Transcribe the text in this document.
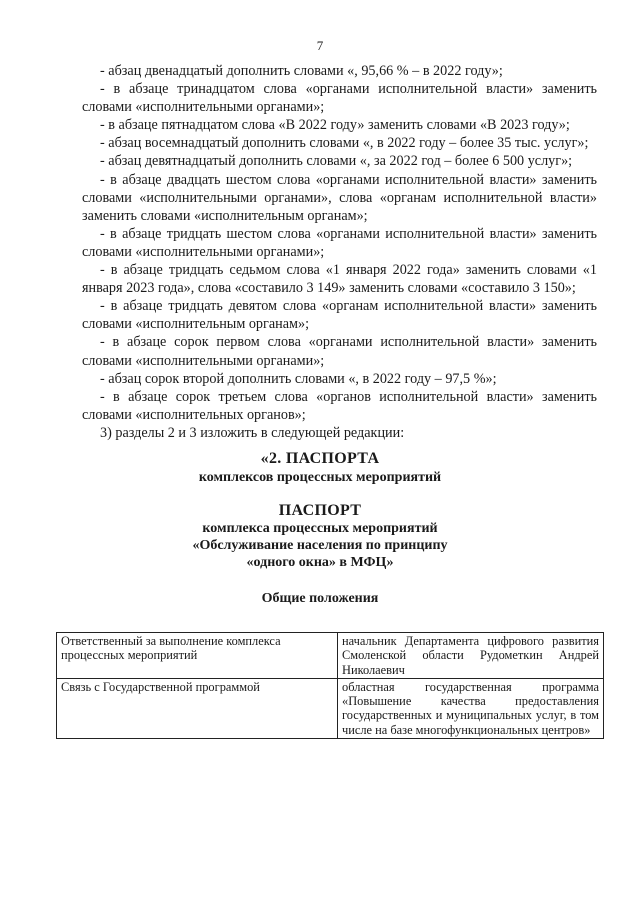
7

- абзац двенадцатый дополнить словами «, 95,66 % – в 2022 году»;

- в абзаце тринадцатом слова «органами исполнительной власти» заменить словами «исполнительными органами»;

- в абзаце пятнадцатом слова «В 2022 году» заменить словами «В 2023 году»;

- абзац восемнадцатый дополнить словами «, в 2022 году – более 35 тыс. услуг»;

- абзац девятнадцатый дополнить словами «, за 2022 год – более 6 500 услуг»;

- в абзаце двадцать шестом слова «органами исполнительной власти» заменить словами «исполнительными органами», слова «органам исполнительной власти» заменить словами «исполнительным органам»;

- в абзаце тридцать шестом слова «органами исполнительной власти» заменить словами «исполнительными органами»;

- в абзаце тридцать седьмом слова «1 января 2022 года» заменить словами «1 января 2023 года», слова «составило 3 149» заменить словами «составило 3 150»;

- в абзаце тридцать девятом слова «органам исполнительной власти» заменить словами «исполнительным органам»;

- в абзаце сорок первом слова «органами исполнительной власти» заменить словами «исполнительными органами»;

- абзац сорок второй дополнить словами «, в 2022 году – 97,5 %»;

- в абзаце сорок третьем слова «органов исполнительной власти» заменить словами «исполнительных органов»;

3) разделы 2 и 3 изложить в следующей редакции:

«2. ПАСПОРТА
комплексов процессных мероприятий
ПАСПОРТ
комплекса процессных мероприятий
«Обслуживание населения по принципу
«одного окна» в МФЦ»
Общие положения
Ответственный за выполнение комплекса процессных мероприятий	начальник Департамента цифрового развития Смоленской области Рудометкин Андрей Николаевич
Связь с Государственной программой	областная государственная программа «Повышение качества предоставления государственных и муниципальных услуг, в том числе на базе многофункциональных центров»
